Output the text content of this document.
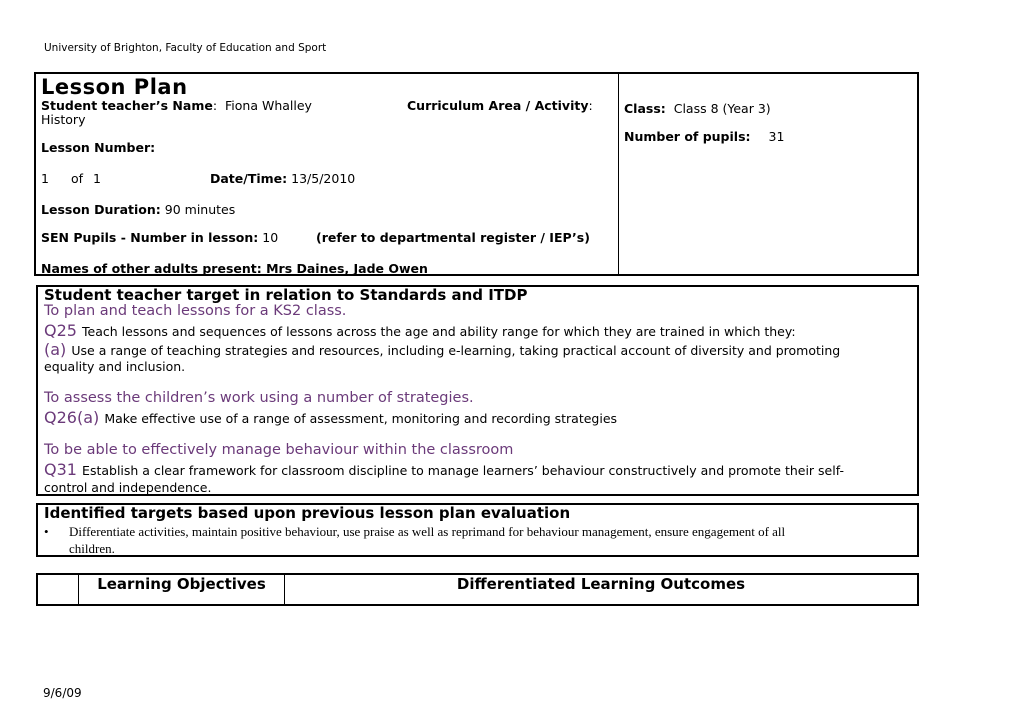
University of Brighton, Faculty of Education and Sport
Lesson Plan
Student teacher’s Name:  Fiona Whalley	Curriculum Area / Activity:
History
Lesson Number:
1 of 1	Date/Time: 13/5/2010
Lesson Duration: 90 minutes
SEN Pupils - Number in lesson: 10	(refer to departmental register / IEP’s)
Names of other adults present: Mrs Daines, Jade Owen
Class: Class 8 (Year 3)
Number of pupils: 31
Student teacher target in relation to Standards and ITDP
To plan and teach lessons for a KS2 class.
Q25 Teach lessons and sequences of lessons across the age and ability range for which they are trained in which they:
(a) Use a range of teaching strategies and resources, including e-learning, taking practical account of diversity and promoting
equality and inclusion.
To assess the children’s work using a number of strategies.
Q26(a) Make effective use of a range of assessment, monitoring and recording strategies
To be able to effectively manage behaviour within the classroom
Q31 Establish a clear framework for classroom discipline to manage learners’ behaviour constructively and promote their self-
control and independence.
Identified targets based upon previous lesson plan evaluation
• Differentiate activities, maintain positive behaviour, use praise as well as reprimand for behaviour management, ensure engagement of all
children.
Learning Objectives	Differentiated Learning Outcomes
9/6/09
